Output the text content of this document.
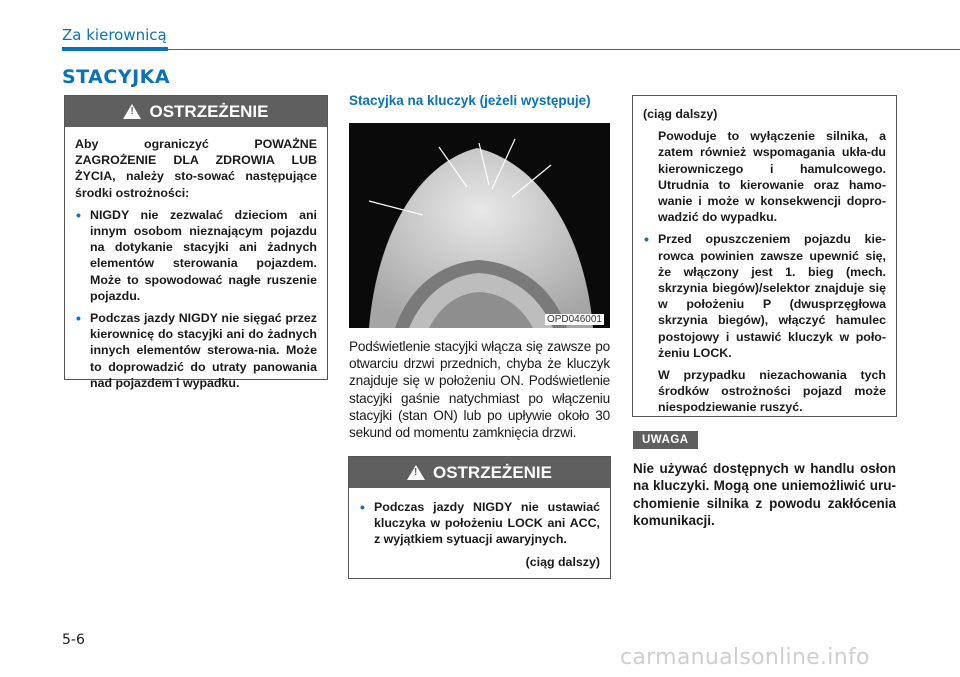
Za kierownicą
STACYJKA
!
OSTRZEŻENIE

Aby ograniczyć POWAŻNE ZAGROŻENIE DLA ZDROWIA LUB ŻYCIA, należy sto-sować następujące środki ostrożności:

• NIGDY nie zezwalać dzieciom ani innym osobom nieznającym pojazdu na dotykanie stacyjki ani żadnych elementów sterowania pojazdem. Może to spowodować nagłe ruszenie pojazdu.
• Podczas jazdy NIGDY nie sięgać przez kierownicę do stacyjki ani do żadnych innych elementów sterowa-nia. Może to doprowadzić do utraty panowania nad pojazdem i wypadku.
Stacyjka na kluczyk (jeżeli występuje)
OPD046001
Podświetlenie stacyjki włącza się zawsze po otwarciu drzwi przednich, chyba że kluczyk znajduje się w położeniu ON. Podświetlenie stacyjki gaśnie natychmiast po włączeniu stacyjki (stan ON) lub po upływie około 30 sekund od momentu zamknięcia drzwi.
!
OSTRZEŻENIE
• Podczas jazdy NIGDY nie ustawiać kluczyka w położeniu LOCK ani ACC, z wyjątkiem sytuacji awaryjnych.
(ciąg dalszy)

(ciąg dalszy)

Powoduje to wyłączenie silnika, a zatem również wspomagania ukła-du kierowniczego i hamulcowego. Utrudnia to kierowanie oraz hamo-wanie i może w konsekwencji dopro-wadzić do wypadku.

• Przed opuszczeniem pojazdu kie-rowca powinien zawsze upewnić się, że włączony jest 1. bieg (mech. skrzynia biegów)/selektor znajduje się w położeniu P (dwusprzęgłowa skrzynia biegów), włączyć hamulec postojowy i ustawić kluczyk w poło-żeniu LOCK.

W przypadku niezachowania tych środków ostrożności pojazd może niespodziewanie ruszyć.

UWAGA
Nie używać dostępnych w handlu osłon na kluczyki. Mogą one uniemożliwić uru-chomienie silnika z powodu zakłócenia komunikacji.
5-6
carmanualsonline.info
